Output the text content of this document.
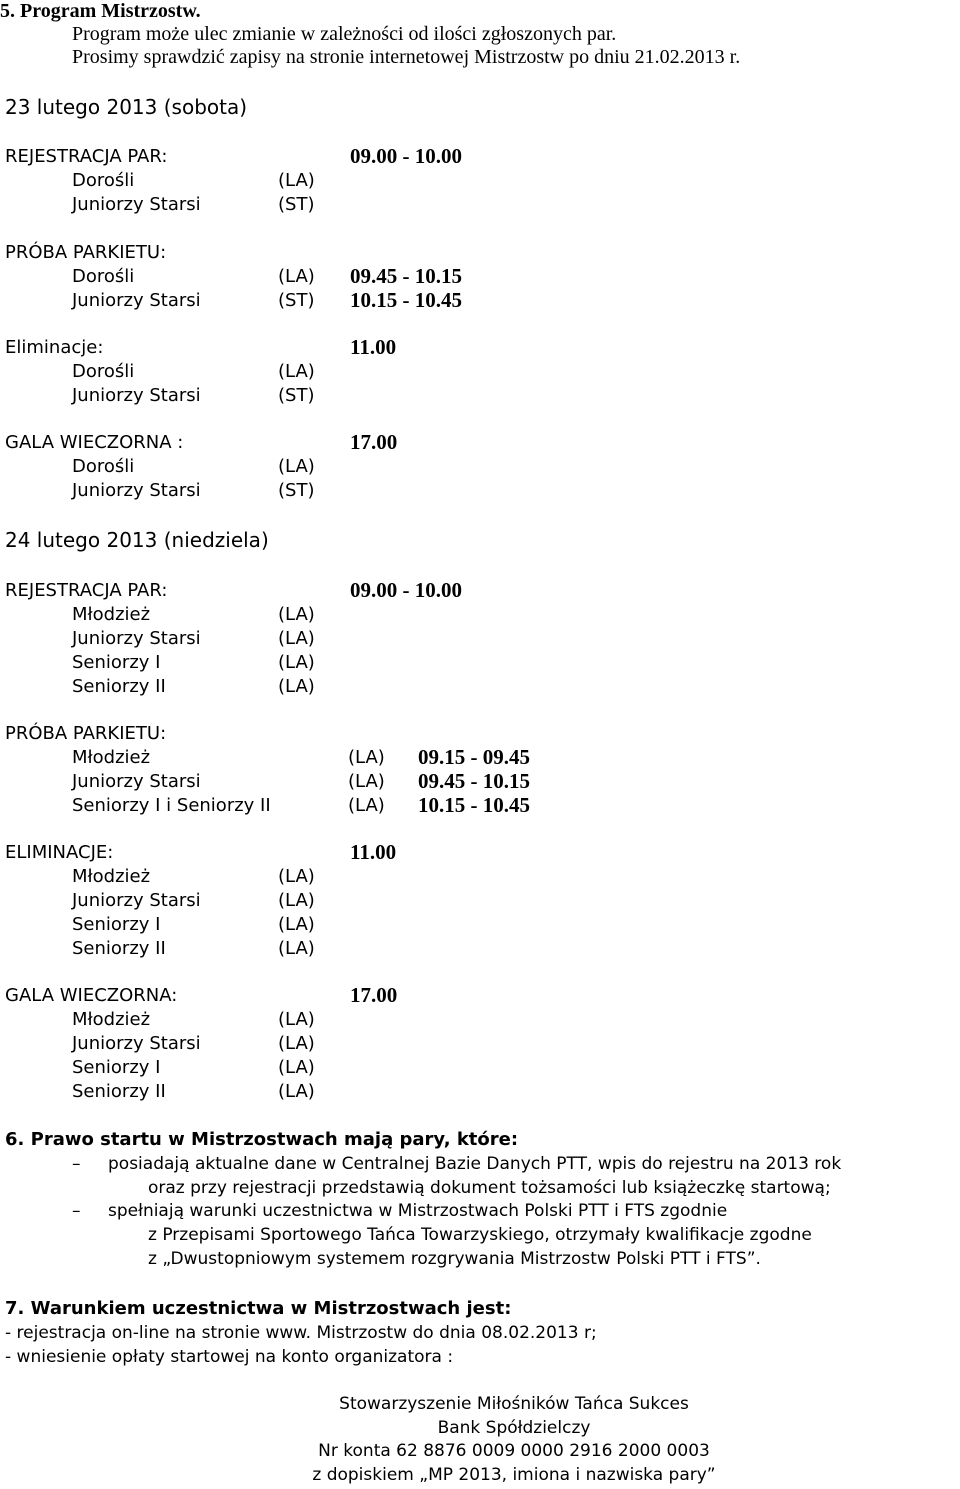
5. Program Mistrzostw.
Program może ulec zmianie w zależności od ilości zgłoszonych par.
Prosimy sprawdzić zapisy na stronie internetowej Mistrzostw po dniu 21.02.2013 r.
23 lutego 2013 (sobota)
REJESTRACJA PAR:	09.00 - 10.00
Dorośli	(LA)
Juniorzy Starsi	(ST)
PRÓBA PARKIETU:
Dorośli	(LA) 09.45 - 10.15
Juniorzy Starsi	(ST) 10.15 - 10.45
Eliminacje:	11.00
Dorośli	(LA)
Juniorzy Starsi	(ST)
GALA WIECZORNA :	17.00
Dorośli	(LA)
Juniorzy Starsi	(ST)
24 lutego 2013 (niedziela)
REJESTRACJA PAR:	09.00 - 10.00
Młodzież	(LA)
Juniorzy Starsi	(LA)
Seniorzy I	(LA)
Seniorzy II	(LA)
PRÓBA PARKIETU:
Młodzież	(LA) 09.15 - 09.45
Juniorzy Starsi	(LA) 09.45 - 10.15
Seniorzy I i Seniorzy II	(LA) 10.15 - 10.45
ELIMINACJE:	11.00
Młodzież	(LA)
Juniorzy Starsi	(LA)
Seniorzy I	(LA)
Seniorzy II	(LA)
GALA WIECZORNA:	17.00
Młodzież	(LA)
Juniorzy Starsi	(LA)
Seniorzy I	(LA)
Seniorzy II	(LA)
6. Prawo startu w Mistrzostwach mają pary, które:
– posiadają aktualne dane w Centralnej Bazie Danych PTT, wpis do rejestru na 2013 rok
oraz przy rejestracji przedstawią dokument tożsamości lub książeczkę startową;
– spełniają warunki uczestnictwa w Mistrzostwach Polski PTT i FTS zgodnie
z Przepisami Sportowego Tańca Towarzyskiego, otrzymały kwalifikacje zgodne
z „Dwustopniowym systemem rozgrywania Mistrzostw Polski PTT i FTS”.
7. Warunkiem uczestnictwa w Mistrzostwach jest:
- rejestracja on-line na stronie www. Mistrzostw do dnia 08.02.2013 r;
- wniesienie opłaty startowej na konto organizatora :
Stowarzyszenie Miłośników Tańca Sukces
Bank Spółdzielczy
Nr konta 62 8876 0009 0000 2916 2000 0003
z dopiskiem „MP 2013, imiona i nazwiska pary”
